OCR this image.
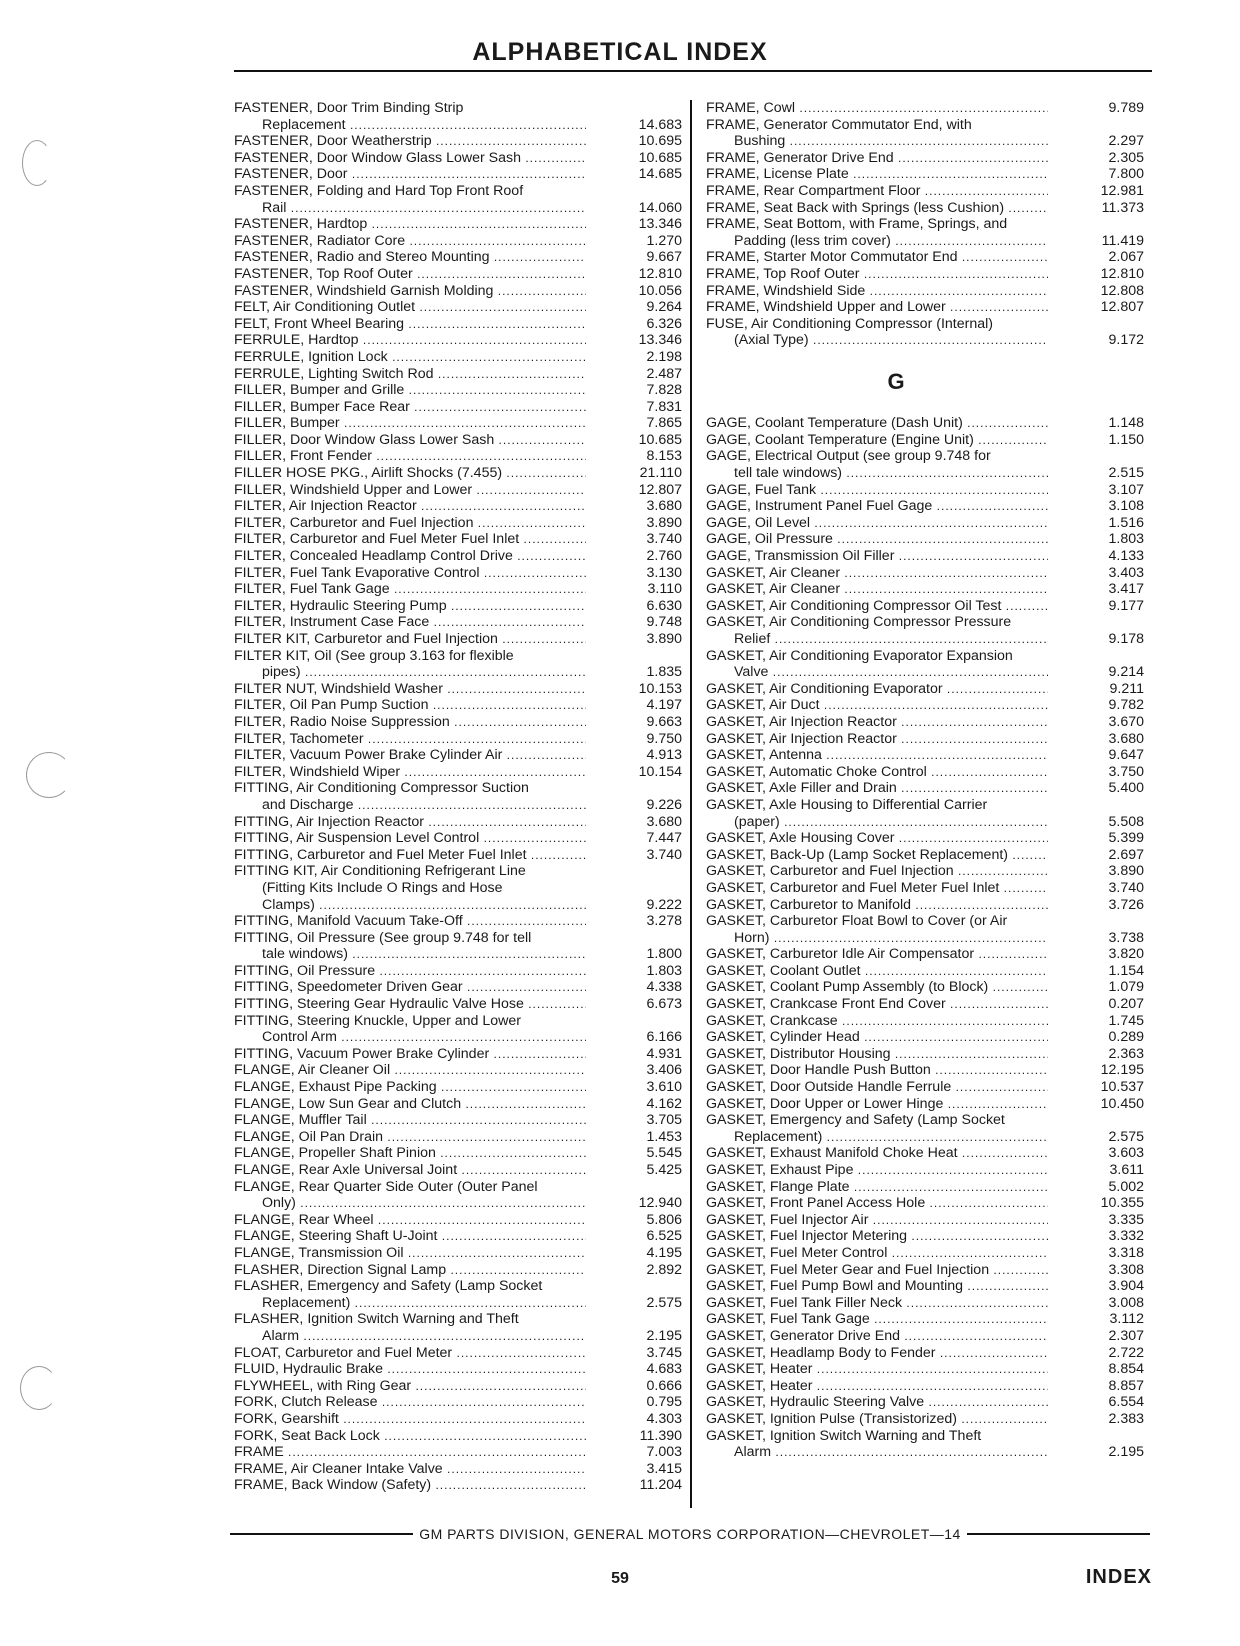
ALPHABETICAL INDEX
FASTENER, Door Trim Binding Strip
Replacement .....	14.683
FASTENER, Door Weatherstrip .....	10.695
FASTENER, Door Window Glass Lower Sash .....	10.685
FASTENER, Door .....	14.685
FASTENER, Folding and Hard Top Front Roof
Rail .....	14.060
FASTENER, Hardtop .....	13.346
FASTENER, Radiator Core .....	1.270
FASTENER, Radio and Stereo Mounting .....	9.667
FASTENER, Top Roof Outer .....	12.810
FASTENER, Windshield Garnish Molding .....	10.056
FELT, Air Conditioning Outlet .....	9.264
FELT, Front Wheel Bearing .....	6.326
FERRULE, Hardtop .....	13.346
FERRULE, Ignition Lock .....	2.198
FERRULE, Lighting Switch Rod .....	2.487
FILLER, Bumper and Grille .....	7.828
FILLER, Bumper Face Rear .....	7.831
FILLER, Bumper .....	7.865
FILLER, Door Window Glass Lower Sash .....	10.685
FILLER, Front Fender .....	8.153
FILLER HOSE PKG., Airlift Shocks (7.455) .....	21.110
FILLER, Windshield Upper and Lower .....	12.807
FILTER, Air Injection Reactor .....	3.680
FILTER, Carburetor and Fuel Injection .....	3.890
FILTER, Carburetor and Fuel Meter Fuel Inlet .....	3.740
FILTER, Concealed Headlamp Control Drive .....	2.760
FILTER, Fuel Tank Evaporative Control .....	3.130
FILTER, Fuel Tank Gage .....	3.110
FILTER, Hydraulic Steering Pump .....	6.630
FILTER, Instrument Case Face .....	9.748
FILTER KIT, Carburetor and Fuel Injection .....	3.890
FILTER KIT, Oil (See group 3.163 for flexible
pipes) .....	1.835
FILTER NUT, Windshield Washer .....	10.153
FILTER, Oil Pan Pump Suction .....	4.197
FILTER, Radio Noise Suppression .....	9.663
FILTER, Tachometer .....	9.750
FILTER, Vacuum Power Brake Cylinder Air .....	4.913
FILTER, Windshield Wiper .....	10.154
FITTING, Air Conditioning Compressor Suction
and Discharge .....	9.226
FITTING, Air Injection Reactor .....	3.680
FITTING, Air Suspension Level Control .....	7.447
FITTING, Carburetor and Fuel Meter Fuel Inlet .....	3.740
FITTING KIT, Air Conditioning Refrigerant Line
(Fitting Kits Include O Rings and Hose
Clamps) .....	9.222
FITTING, Manifold Vacuum Take-Off .....	3.278
FITTING, Oil Pressure (See group 9.748 for tell
tale windows) .....	1.800
FITTING, Oil Pressure .....	1.803
FITTING, Speedometer Driven Gear .....	4.338
FITTING, Steering Gear Hydraulic Valve Hose .....	6.673
FITTING, Steering Knuckle, Upper and Lower
Control Arm .....	6.166
FITTING, Vacuum Power Brake Cylinder .....	4.931
FLANGE, Air Cleaner Oil .....	3.406
FLANGE, Exhaust Pipe Packing .....	3.610
FLANGE, Low Sun Gear and Clutch .....	4.162
FLANGE, Muffler Tail .....	3.705
FLANGE, Oil Pan Drain .....	1.453
FLANGE, Propeller Shaft Pinion .....	5.545
FLANGE, Rear Axle Universal Joint .....	5.425
FLANGE, Rear Quarter Side Outer (Outer Panel
Only) .....	12.940
FLANGE, Rear Wheel .....	5.806
FLANGE, Steering Shaft U-Joint .....	6.525
FLANGE, Transmission Oil .....	4.195
FLASHER, Direction Signal Lamp .....	2.892
FLASHER, Emergency and Safety (Lamp Socket
Replacement) .....	2.575
FLASHER, Ignition Switch Warning and Theft
Alarm .....	2.195
FLOAT, Carburetor and Fuel Meter .....	3.745
FLUID, Hydraulic Brake .....	4.683
FLYWHEEL, with Ring Gear .....	0.666
FORK, Clutch Release .....	0.795
FORK, Gearshift .....	4.303
FORK, Seat Back Lock .....	11.390
FRAME .....	7.003
FRAME, Air Cleaner Intake Valve .....	3.415
FRAME, Back Window (Safety) .....	11.204
FRAME, Cowl .....	9.789
FRAME, Generator Commutator End, with
Bushing .....	2.297
FRAME, Generator Drive End .....	2.305
FRAME, License Plate .....	7.800
FRAME, Rear Compartment Floor .....	12.981
FRAME, Seat Back with Springs (less Cushion) .....	11.373
FRAME, Seat Bottom, with Frame, Springs, and
Padding (less trim cover) .....	11.419
FRAME, Starter Motor Commutator End .....	2.067
FRAME, Top Roof Outer .....	12.810
FRAME, Windshield Side .....	12.808
FRAME, Windshield Upper and Lower .....	12.807
FUSE, Air Conditioning Compressor (Internal)
(Axial Type) .....	9.172
G
GAGE, Coolant Temperature (Dash Unit) .....	1.148
GAGE, Coolant Temperature (Engine Unit) .....	1.150
GAGE, Electrical Output (see group 9.748 for
tell tale windows) .....	2.515
GAGE, Fuel Tank .....	3.107
GAGE, Instrument Panel Fuel Gage .....	3.108
GAGE, Oil Level .....	1.516
GAGE, Oil Pressure .....	1.803
GAGE, Transmission Oil Filler .....	4.133
GASKET, Air Cleaner .....	3.403
GASKET, Air Cleaner .....	3.417
GASKET, Air Conditioning Compressor Oil Test .....	9.177
GASKET, Air Conditioning Compressor Pressure
Relief .....	9.178
GASKET, Air Conditioning Evaporator Expansion
Valve .....	9.214
GASKET, Air Conditioning Evaporator .....	9.211
GASKET, Air Duct .....	9.782
GASKET, Air Injection Reactor .....	3.670
GASKET, Air Injection Reactor .....	3.680
GASKET, Antenna .....	9.647
GASKET, Automatic Choke Control .....	3.750
GASKET, Axle Filler and Drain .....	5.400
GASKET, Axle Housing to Differential Carrier
(paper) .....	5.508
GASKET, Axle Housing Cover .....	5.399
GASKET, Back-Up (Lamp Socket Replacement) .....	2.697
GASKET, Carburetor and Fuel Injection .....	3.890
GASKET, Carburetor and Fuel Meter Fuel Inlet .....	3.740
GASKET, Carburetor to Manifold .....	3.726
GASKET, Carburetor Float Bowl to Cover (or Air
Horn) .....	3.738
GASKET, Carburetor Idle Air Compensator .....	3.820
GASKET, Coolant Outlet .....	1.154
GASKET, Coolant Pump Assembly (to Block) .....	1.079
GASKET, Crankcase Front End Cover .....	0.207
GASKET, Crankcase .....	1.745
GASKET, Cylinder Head .....	0.289
GASKET, Distributor Housing .....	2.363
GASKET, Door Handle Push Button .....	12.195
GASKET, Door Outside Handle Ferrule .....	10.537
GASKET, Door Upper or Lower Hinge .....	10.450
GASKET, Emergency and Safety (Lamp Socket
Replacement) .....	2.575
GASKET, Exhaust Manifold Choke Heat .....	3.603
GASKET, Exhaust Pipe .....	3.611
GASKET, Flange Plate .....	5.002
GASKET, Front Panel Access Hole .....	10.355
GASKET, Fuel Injector Air .....	3.335
GASKET, Fuel Injector Metering .....	3.332
GASKET, Fuel Meter Control .....	3.318
GASKET, Fuel Meter Gear and Fuel Injection .....	3.308
GASKET, Fuel Pump Bowl and Mounting .....	3.904
GASKET, Fuel Tank Filler Neck .....	3.008
GASKET, Fuel Tank Gage .....	3.112
GASKET, Generator Drive End .....	2.307
GASKET, Headlamp Body to Fender .....	2.722
GASKET, Heater .....	8.854
GASKET, Heater .....	8.857
GASKET, Hydraulic Steering Valve .....	6.554
GASKET, Ignition Pulse (Transistorized) .....	2.383
GASKET, Ignition Switch Warning and Theft
Alarm .....	2.195
GM PARTS DIVISION, GENERAL MOTORS CORPORATION—CHEVROLET—14
59	INDEX
